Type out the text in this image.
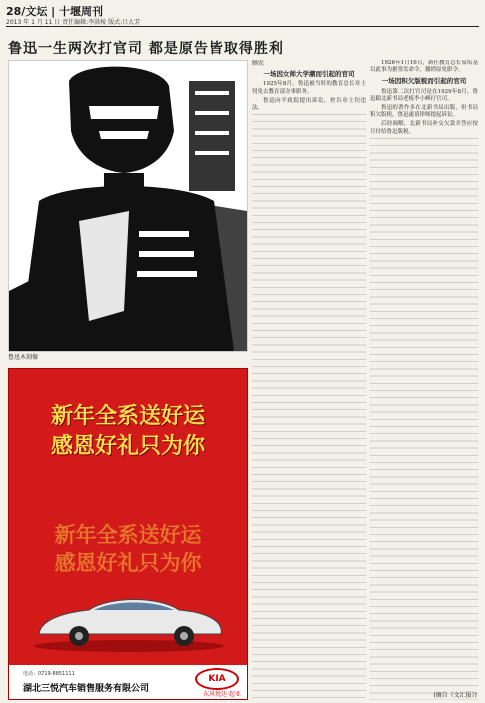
28/文坛 | 十堰周刊
2013 年 1 月 11 日 责任编辑:李洪棱 版式:吕大芳
鲁迅一生两次打官司 都是原告皆取得胜利
鲁迅木刻像
新年全系送好运
感恩好礼只为你
新年全系送好运
感恩好礼只为你
电话：0719-8851111
湖北三悦汽车销售服务有限公司
KIA
东风悦达·起亚
顾农
一场因女师大学潮而引起的官司

1925年8月，鲁迅被当时的教育总长章士钊免去教育部佥事职务。

鲁迅向平政院提出诉讼，控告章士钊违法。

1926年1月16日，新任教育总长易培基以此事为据签发命令，撤销原免职令。

一场因积欠版税而引起的官司

鲁迅第二次打官司是在1929年8月，鲁迅跟北新书局老板李小峰打官司。

鲁迅的著作多在北新书局出版，但书局积欠版税，鲁迅遂请律师提起诉讼。

后经调解，北新书局补交欠款并答应按月付给鲁迅版税。

(摘自《文汇报》)
